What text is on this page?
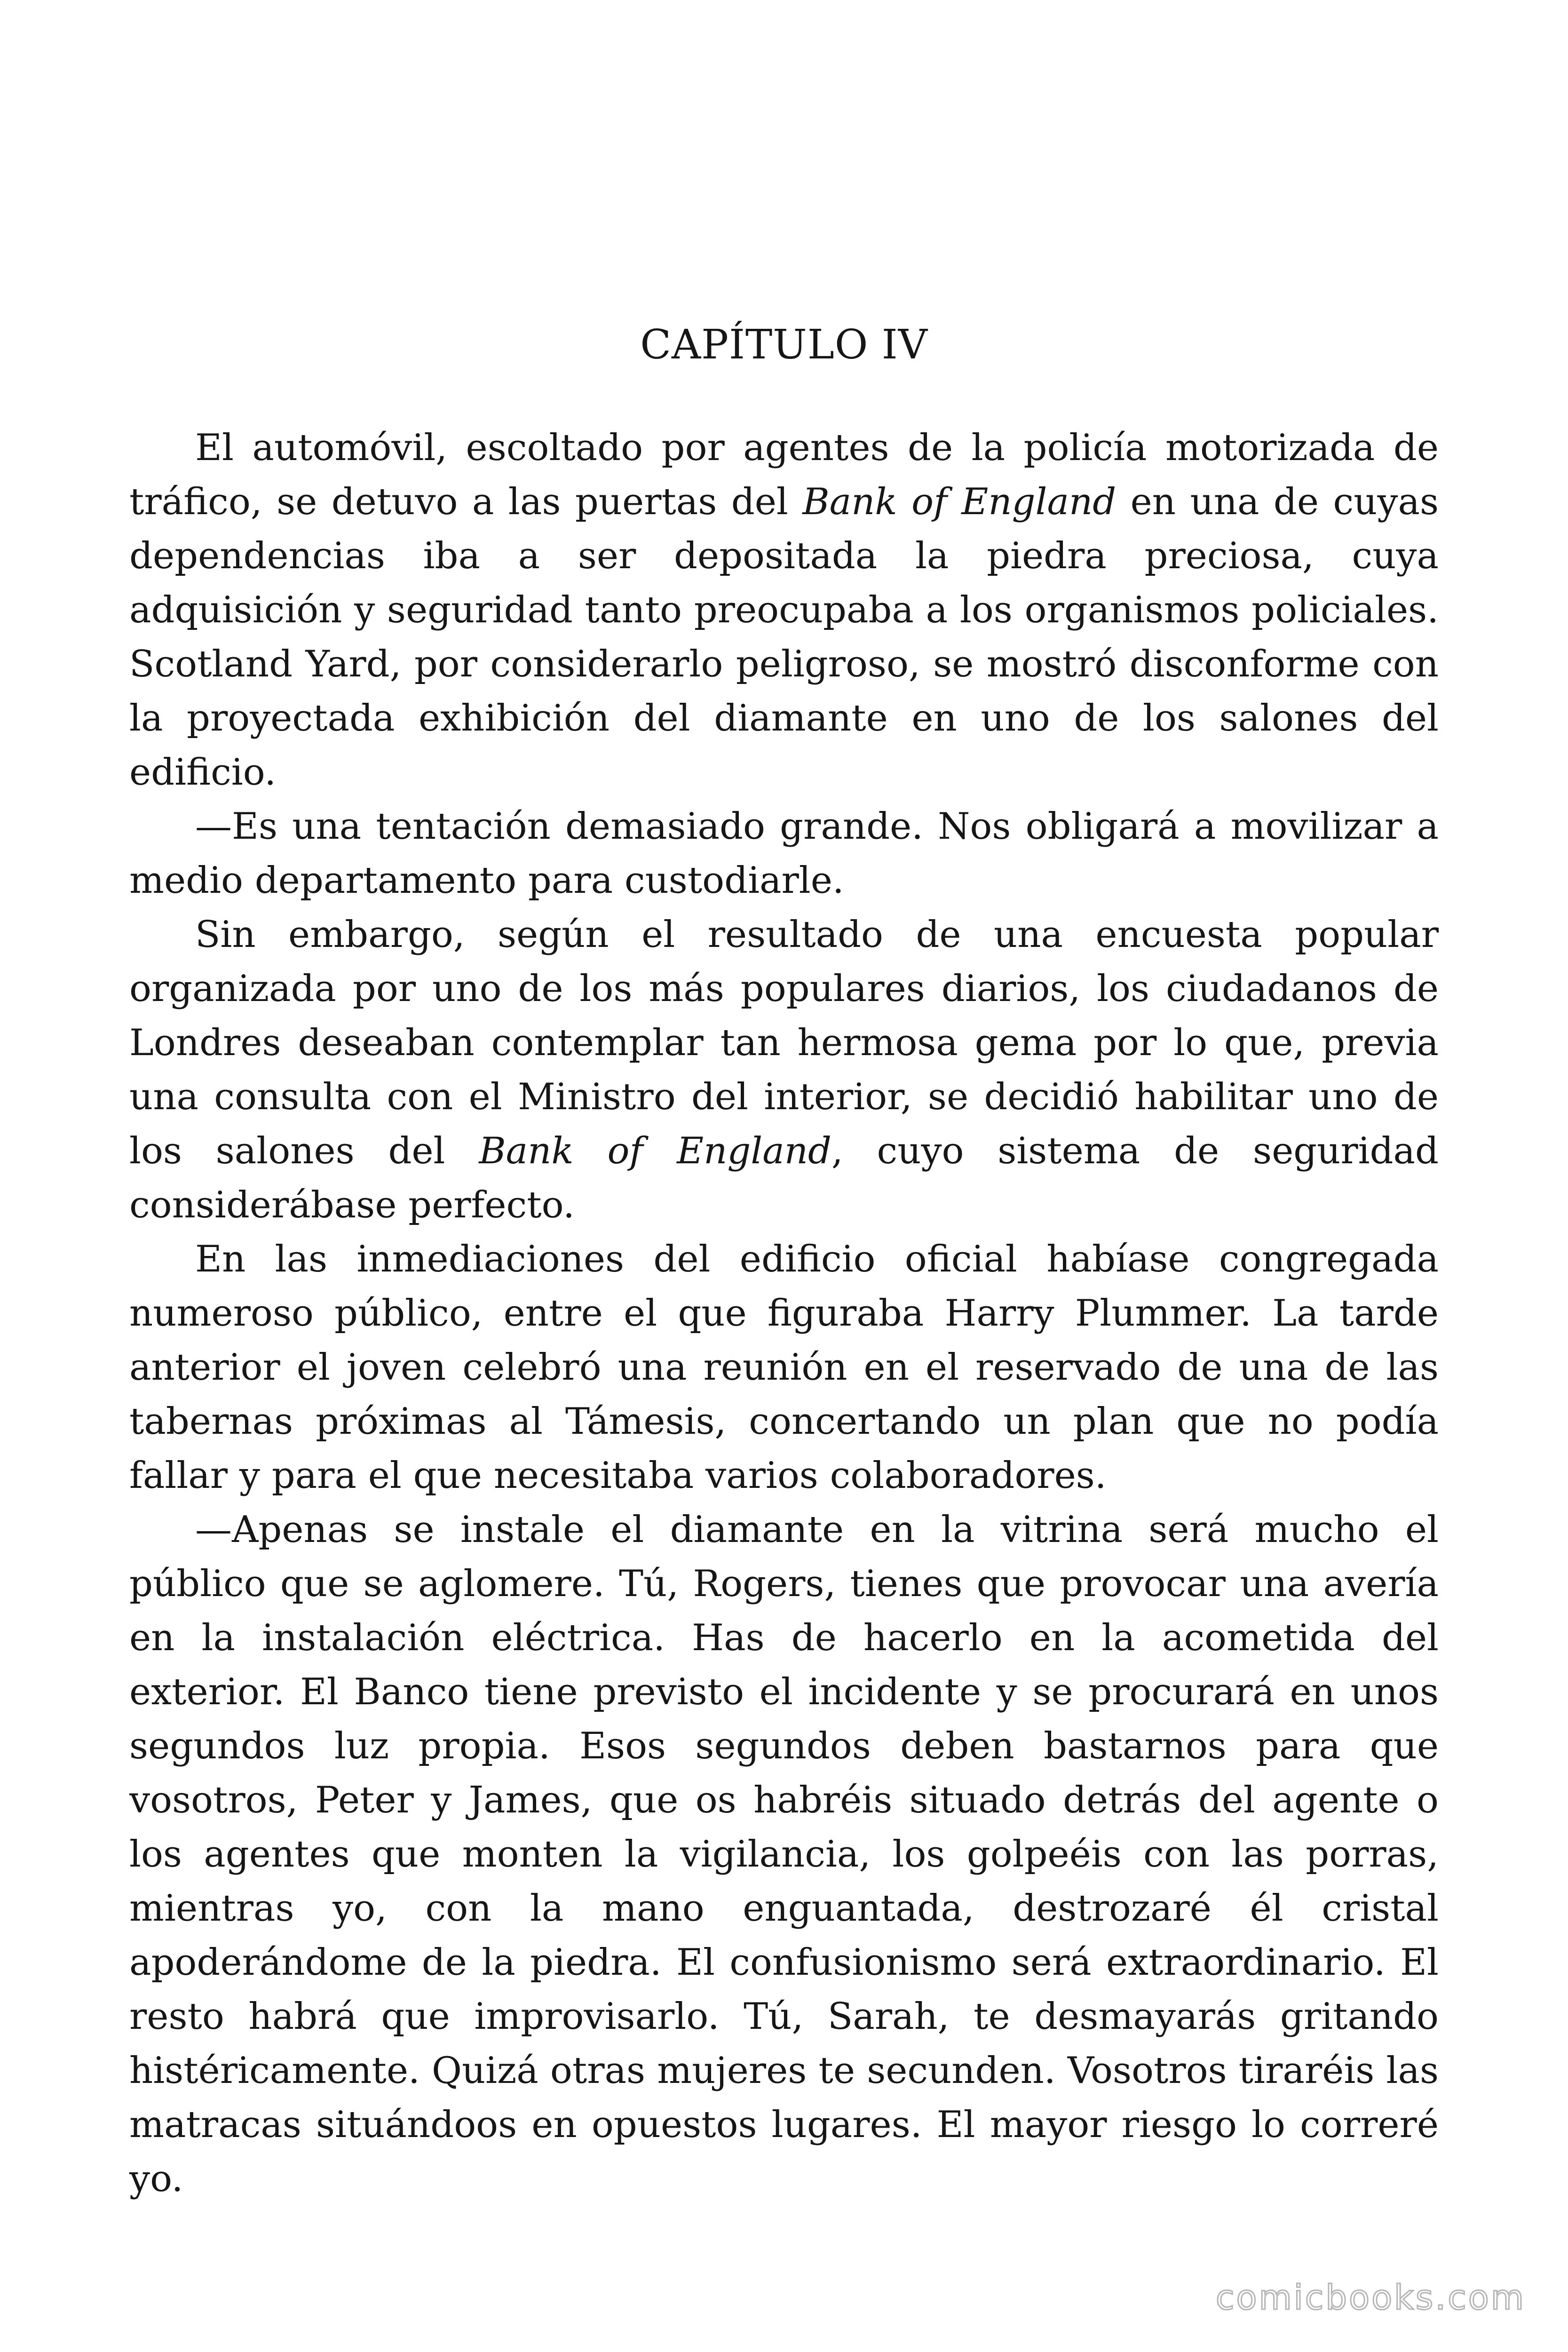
CAPÍTULO IV

El automóvil, escoltado por agentes de la policía motorizada de tráfico, se detuvo a las puertas del Bank of England en una de cuyas dependencias iba a ser depositada la piedra preciosa, cuya adquisición y seguridad tanto preocupaba a los organismos policiales. Scotland Yard, por considerarlo peligroso, se mostró disconforme con la proyectada exhibición del diamante en uno de los salones del edificio.

—Es una tentación demasiado grande. Nos obligará a movilizar a medio departamento para custodiarle.

Sin embargo, según el resultado de una encuesta popular organizada por uno de los más populares diarios, los ciudadanos de Londres deseaban contemplar tan hermosa gema por lo que, previa una consulta con el Ministro del interior, se decidió habilitar uno de los salones del Bank of England, cuyo sistema de seguridad considerábase perfecto.

En las inmediaciones del edificio oficial habíase congregada numeroso público, entre el que figuraba Harry Plummer. La tarde anterior el joven celebró una reunión en el reservado de una de las tabernas próximas al Támesis, concertando un plan que no podía fallar y para el que necesitaba varios colaboradores.

—Apenas se instale el diamante en la vitrina será mucho el público que se aglomere. Tú, Rogers, tienes que provocar una avería en la instalación eléctrica. Has de hacerlo en la acometida del exterior. El Banco tiene previsto el incidente y se procurará en unos segundos luz propia. Esos segundos deben bastarnos para que vosotros, Peter y James, que os habréis situado detrás del agente o los agentes que monten la vigilancia, los golpeéis con las porras, mientras yo, con la mano enguantada, destrozaré él cristal apoderándome de la piedra. El confusionismo será extraordinario. El resto habrá que improvisarlo. Tú, Sarah, te desmayarás gritando histéricamente. Quizá otras mujeres te secunden. Vosotros tiraréis las matracas situándoos en opuestos lugares. El mayor riesgo lo correré yo.

comicbooks.com
